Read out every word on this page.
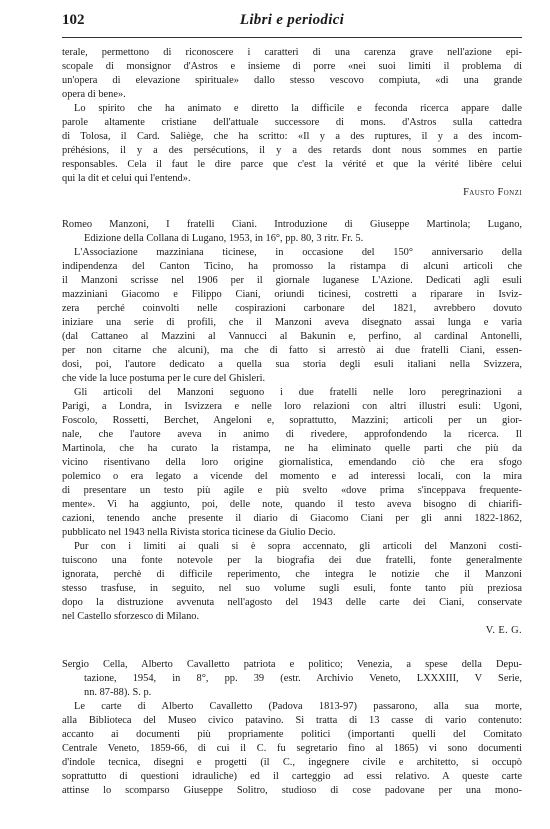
102	Libri e periodici
terale, permettono di riconoscere i caratteri di una carenza grave nell'azione epi-
scopale di monsignor d'Astros e insieme di porre «nei suoi limiti il problema di
un'opera di elevazione spirituale» dallo stesso vescovo compiuta, «di una grande
opera di bene».
Lo spirito che ha animato e diretto la difficile e feconda ricerca appare dalle
parole altamente cristiane dell'attuale successore di mons. d'Astros sulla cattedra
di Tolosa, il Card. Saliège, che ha scritto: «Il y a des ruptures, il y a des incom-
préhésions, il y a des persécutions, il y a des retards dont nous sommes en partie
responsables. Cela il faut le dire parce que c'est la vérité et que la vérité libère celui
qui la dit et celui qui l'entend».
Fausto Fonzi
Romeo Manzoni, I fratelli Ciani. Introduzione di Giuseppe Martinola; Lugano,
Edizione della Collana di Lugano, 1953, in 16°, pp. 80, 3 ritr. Fr. 5.
L'Associazione mazziniana ticinese, in occasione del 150° anniversario della
indipendenza del Canton Ticino, ha promosso la ristampa di alcuni articoli che
il Manzoni scrisse nel 1906 per il giornale luganese L'Azione. Dedicati agli esuli
mazziniani Giacomo e Filippo Ciani, oriundi ticinesi, costretti a riparare in Isviz-
zera perché coinvolti nelle cospirazioni carbonare del 1821, avrebbero dovuto
iniziare una serie di profili, che il Manzoni aveva disegnato assai lunga e varia
(dal Cattaneo al Mazzini al Vannucci al Bakunin e, perfino, al cardinal Antonelli,
per non citarne che alcuni), ma che di fatto si arrestò ai due fratelli Ciani, essen-
dosi, poi, l'autore dedicato a quella sua storia degli esuli italiani nella Svizzera,
che vide la luce postuma per le cure del Ghisleri.
Gli articoli del Manzoni seguono i due fratelli nelle loro peregrinazioni a
Parigi, a Londra, in Isvizzera e nelle loro relazioni con altri illustri esuli: Ugoni,
Foscolo, Rossetti, Berchet, Angeloni e, soprattutto, Mazzini; articoli per un gior-
nale, che l'autore aveva in animo di rivedere, approfondendo la ricerca. Il
Martinola, che ha curato la ristampa, ne ha eliminato quelle parti che più da
vicino risentivano della loro origine giornalistica, emendando ciò che era sfogo
polemico o era legato a vicende del momento e ad interessi locali, con la mira
di presentare un testo più agile e più svelto «dove prima s'inceppava frequente-
mente». Vi ha aggiunto, poi, delle note, quando il testo aveva bisogno di chiarifi-
cazioni, tenendo anche presente il diario di Giacomo Ciani per gli anni 1822-1862,
pubblicato nel 1943 nella Rivista storica ticinese da Giulio Decio.
Pur con i limiti ai quali si è sopra accennato, gli articoli del Manzoni costi-
tuiscono una fonte notevole per la biografia dei due fratelli, fonte generalmente
ignorata, perchè di difficile reperimento, che integra le notizie che il Manzoni
stesso trasfuse, in seguito, nel suo volume sugli esuli, fonte tanto più preziosa
dopo la distruzione avvenuta nell'agosto del 1943 delle carte dei Ciani, conservate
nel Castello sforzesco di Milano.
V. E. G.
Sergio Cella, Alberto Cavalletto patriota e politico; Venezia, a spese della Depu-
tazione, 1954, in 8°, pp. 39 (estr. Archivio Veneto, LXXXIII, V Serie,
nn. 87-88). S. p.
Le carte di Alberto Cavalletto (Padova 1813-97) passarono, alla sua morte,
alla Biblioteca del Museo civico patavino. Si tratta di 13 casse di vario contenuto:
accanto ai documenti più propriamente politici (importanti quelli del Comitato
Centrale Veneto, 1859-66, di cui il C. fu segretario fino al 1865) vi sono documenti
d'indole tecnica, disegni e progetti (il C., ingegnere civile e architetto, si occupò
soprattutto di questioni idrauliche) ed il carteggio ad essi relativo. A queste carte
attinse lo scomparso Giuseppe Solitro, studioso di cose padovane per una mono-
